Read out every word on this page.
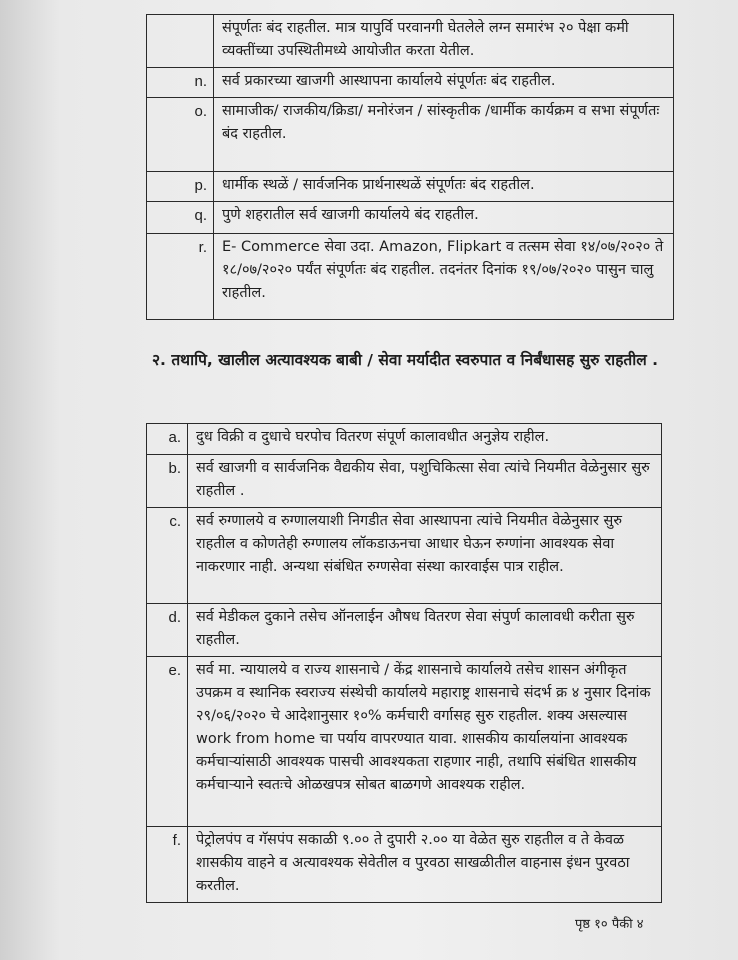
	संपूर्णतः बंद राहतील. मात्र यापुर्वि परवानगी घेतलेले लग्न समारंभ २० पेक्षा कमी व्यक्तींच्या उपस्थितीमध्ये आयोजीत करता येतील.
n.	सर्व प्रकारच्या खाजगी आस्थापना कार्यालये संपूर्णतः बंद राहतील.
o.	सामाजीक/ राजकीय/क्रिडा/ मनोरंजन / सांस्कृतीक /धार्मीक कार्यक्रम व सभा संपूर्णतः बंद राहतील.
p.	धार्मीक स्थळें / सार्वजनिक प्रार्थनास्थळें संपूर्णतः बंद राहतील.
q.	पुणे शहरातील सर्व खाजगी कार्यालये बंद राहतील.
r.	E- Commerce सेवा उदा. Amazon, Flipkart व तत्सम सेवा १४/०७/२०२० ते १८/०७/२०२० पर्यंत संपूर्णतः बंद राहतील. तदनंतर दिनांक १९/०७/२०२० पासुन चालु राहतील.
२. तथापि, खालील अत्यावश्यक बाबी / सेवा मर्यादीत स्वरुपात व निर्बंधासह सुरु राहतील .
a.	दुध विक्री व दुधाचे घरपोच वितरण संपूर्ण कालावधीत अनुज्ञेय राहील.
b.	सर्व खाजगी व सार्वजनिक वैद्यकीय सेवा, पशुचिकित्सा सेवा त्यांचे नियमीत वेळेनुसार सुरु राहतील .
c.	सर्व रुग्णालये व रुग्णालयाशी निगडीत सेवा आस्थापना त्यांचे नियमीत वेळेनुसार सुरु राहतील व कोणतेही रुग्णालय लॉकडाऊनचा आधार घेऊन रुग्णांना आवश्यक सेवा नाकरणार नाही. अन्यथा संबंधित रुग्णसेवा संस्था कारवाईस पात्र राहील.
d.	सर्व मेडीकल दुकाने तसेच ऑनलाईन औषध वितरण सेवा संपुर्ण कालावधी करीता सुरु राहतील.
e.	सर्व मा. न्यायालये व राज्य शासनाचे / केंद्र शासनाचे कार्यालये तसेच शासन अंगीकृत उपक्रम व स्थानिक स्वराज्य संस्थेची कार्यालये महाराष्ट्र शासनाचे संदर्भ क्र ४ नुसार दिनांक २९/०६/२०२० चे आदेशानुसार १०% कर्मचारी वर्गासह सुरु राहतील. शक्य असल्यास work from home चा पर्याय वापरण्यात यावा. शासकीय कार्यालयांना आवश्यक कर्मचाऱ्यांसाठी आवश्यक पासची आवश्यकता राहणार नाही, तथापि संबंधित शासकीय कर्मचाऱ्याने स्वतःचे ओळखपत्र सोबत बाळगणे आवश्यक राहील.
f.	पेट्रोलपंप व गॅसपंप सकाळी ९.०० ते दुपारी २.०० या वेळेत सुरु राहतील व ते केवळ शासकीय वाहने व अत्यावश्यक सेवेतील व पुरवठा साखळीतील वाहनास इंधन पुरवठा करतील.
पृष्ठ १० पैकी ४
